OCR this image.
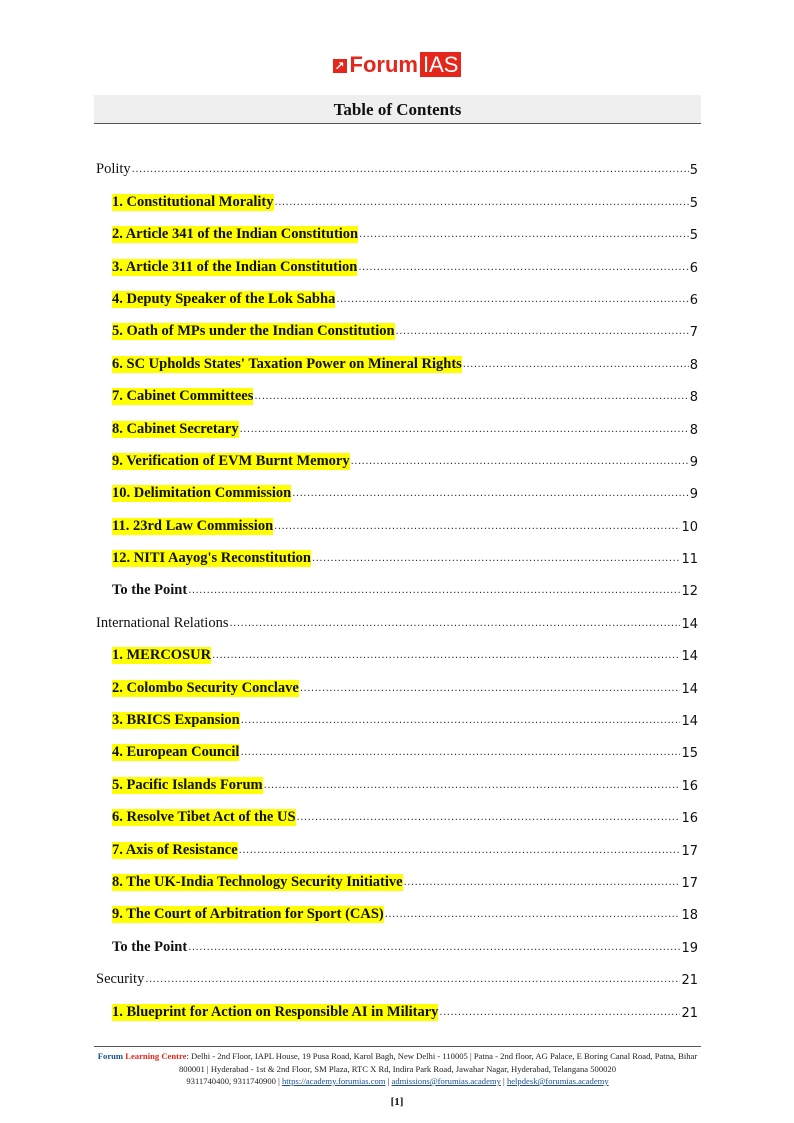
↗ Forum IAS
Table of Contents
Polity .....	5
1. Constitutional Morality .....	5
2. Article 341 of the Indian Constitution .....	5
3. Article 311 of the Indian Constitution .....	6
4. Deputy Speaker of the Lok Sabha .....	6
5. Oath of MPs under the Indian Constitution .....	7
6. SC Upholds States' Taxation Power on Mineral Rights .....	8
7. Cabinet Committees .....	8
8. Cabinet Secretary .....	8
9. Verification of EVM Burnt Memory .....	9
10. Delimitation Commission .....	9
11. 23rd Law Commission .....	10
12. NITI Aayog's Reconstitution .....	11
To the Point .....	12
International Relations .....	14
1. MERCOSUR .....	14
2. Colombo Security Conclave .....	14
3. BRICS Expansion .....	14
4. European Council .....	15
5. Pacific Islands Forum .....	16
6. Resolve Tibet Act of the US .....	16
7. Axis of Resistance .....	17
8. The UK-India Technology Security Initiative .....	17
9. The Court of Arbitration for Sport (CAS) .....	18
To the Point .....	19
Security .....	21
1. Blueprint for Action on Responsible AI in Military .....	21
Forum Learning Centre: Delhi - 2nd Floor, IAPL House, 19 Pusa Road, Karol Bagh, New Delhi - 110005 | Patna - 2nd floor, AG Palace, E Boring Canal Road, Patna, Bihar 800001 | Hyderabad - 1st & 2nd Floor, SM Plaza, RTC X Rd, Indira Park Road, Jawahar Nagar, Hyderabad, Telangana 500020
9311740400, 9311740900 | https://academy.forumias.com | admissions@forumias.academy | helpdesk@forumias.academy
[1]
